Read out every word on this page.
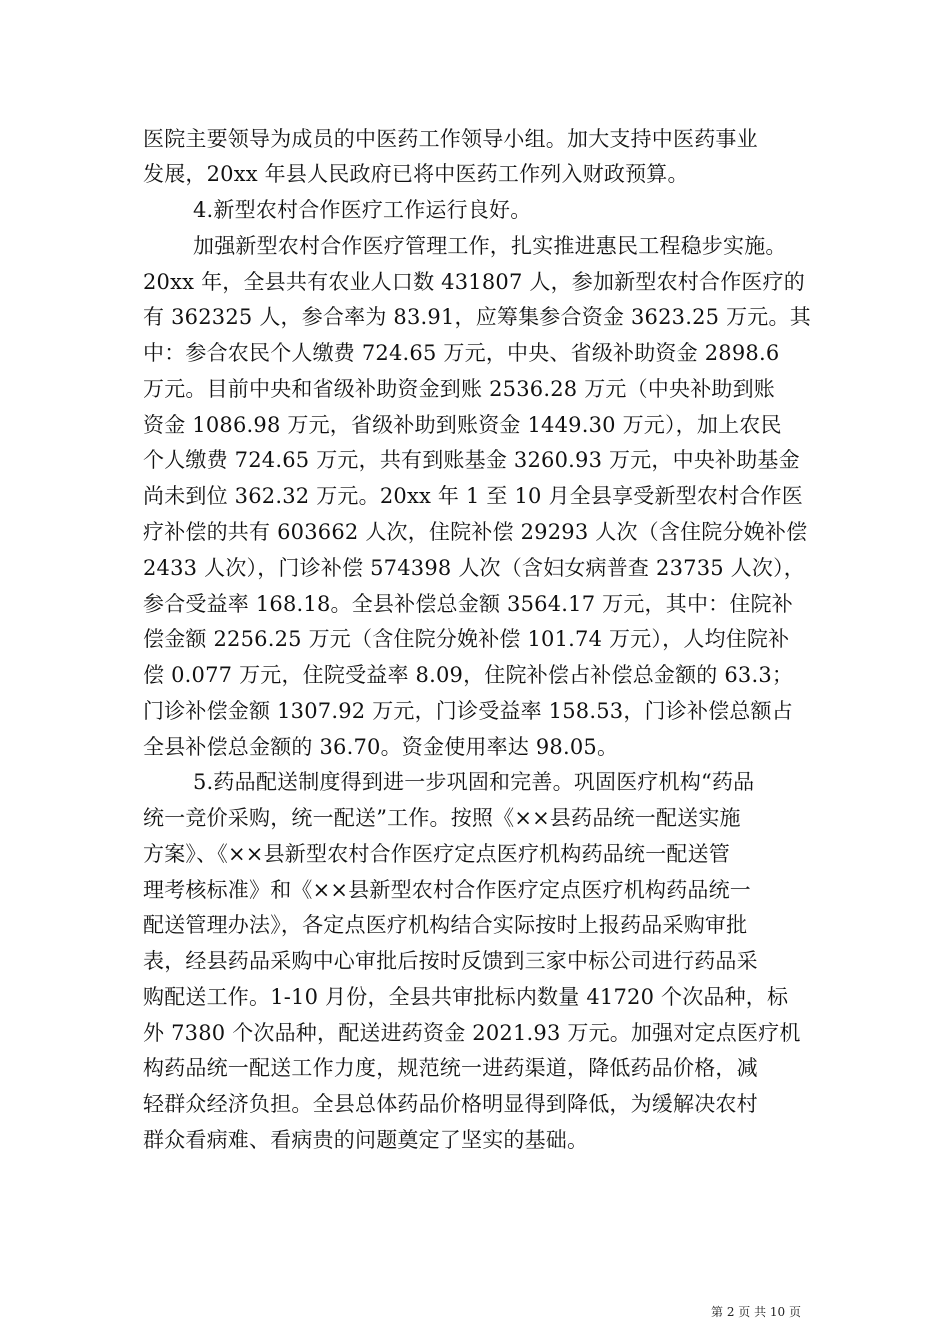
医院主要领导为成员的中医药工作领导小组。加大支持中医药事业
发展，20xx 年县人民政府已将中医药工作列入财政预算。
4.新型农村合作医疗工作运行良好。
加强新型农村合作医疗管理工作，扎实推进惠民工程稳步实施。
20xx 年，全县共有农业人口数 431807 人，参加新型农村合作医疗的
有 362325 人，参合率为 83.91，应筹集参合资金 3623.25 万元。其
中：参合农民个人缴费 724.65 万元，中央、省级补助资金 2898.6
万元。目前中央和省级补助资金到账 2536.28 万元（中央补助到账
资金 1086.98 万元，省级补助到账资金 1449.30 万元），加上农民
个人缴费 724.65 万元，共有到账基金 3260.93 万元，中央补助基金
尚未到位 362.32 万元。20xx 年 1 至 10 月全县享受新型农村合作医
疗补偿的共有 603662 人次，住院补偿 29293 人次（含住院分娩补偿
2433 人次），门诊补偿 574398 人次（含妇女病普查 23735 人次），
参合受益率 168.18。全县补偿总金额 3564.17 万元，其中：住院补
偿金额 2256.25 万元（含住院分娩补偿 101.74 万元），人均住院补
偿 0.077 万元，住院受益率 8.09，住院补偿占补偿总金额的 63.3；
门诊补偿金额 1307.92 万元，门诊受益率 158.53，门诊补偿总额占
全县补偿总金额的 36.70。资金使用率达 98.05。
5.药品配送制度得到进一步巩固和完善。巩固医疗机构“药品
统一竞价采购，统一配送”工作。按照《××县药品统一配送实施
方案》、《××县新型农村合作医疗定点医疗机构药品统一配送管
理考核标准》和《××县新型农村合作医疗定点医疗机构药品统一
配送管理办法》，各定点医疗机构结合实际按时上报药品采购审批
表，经县药品采购中心审批后按时反馈到三家中标公司进行药品采
购配送工作。1-10 月份，全县共审批标内数量 41720 个次品种，标
外 7380 个次品种，配送进药资金 2021.93 万元。加强对定点医疗机
构药品统一配送工作力度，规范统一进药渠道，降低药品价格，减
轻群众经济负担。全县总体药品价格明显得到降低，为缓解决农村
群众看病难、看病贵的问题奠定了坚实的基础。
第 2 页 共 10 页
